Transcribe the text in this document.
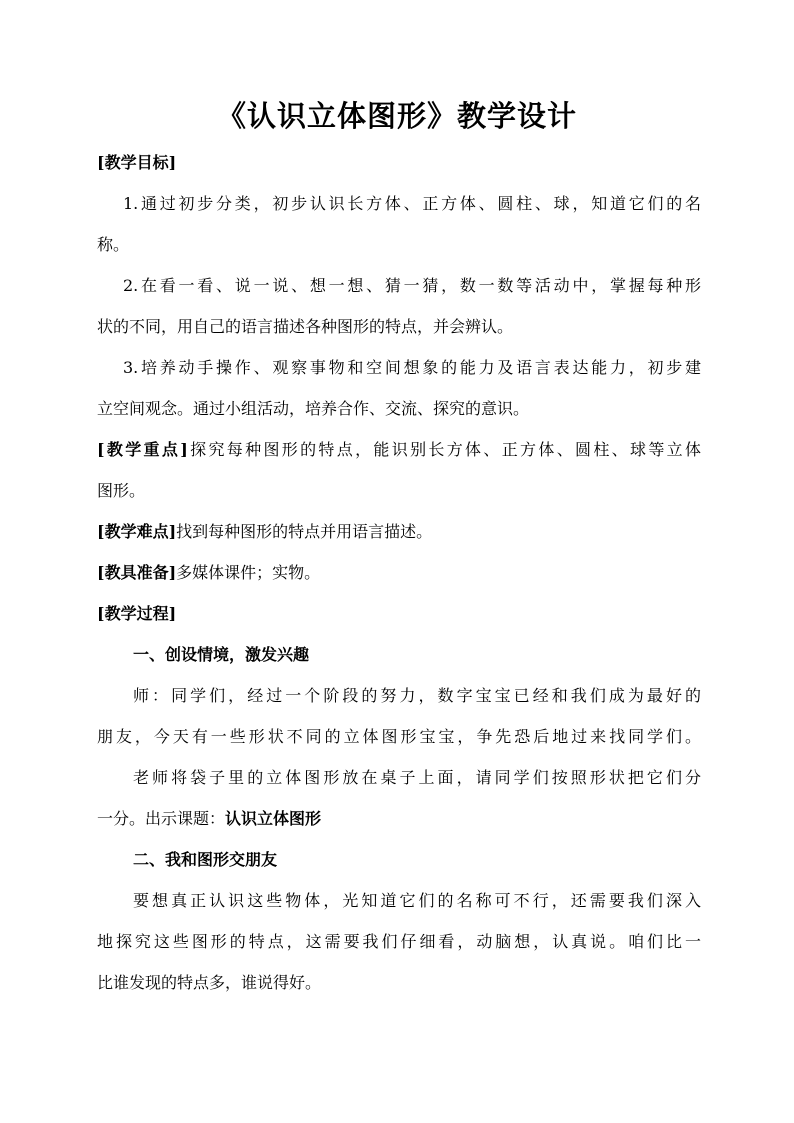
《认识立体图形》教学设计
[教学目标]
1.通过初步分类，初步认识长方体、正方体、圆柱、球，知道它们的名
称。
2.在看一看、说一说、想一想、猜一猜，数一数等活动中，掌握每种形
状的不同，用自己的语言描述各种图形的特点，并会辨认。
3.培养动手操作、观察事物和空间想象的能力及语言表达能力，初步建
立空间观念。通过小组活动，培养合作、交流、探究的意识。
[教学重点]探究每种图形的特点，能识别长方体、正方体、圆柱、球等立体
图形。
[教学难点]找到每种图形的特点并用语言描述。
[教具准备]多媒体课件；实物。
[教学过程]
一、创设情境，激发兴趣
师：同学们，经过一个阶段的努力，数字宝宝已经和我们成为最好的
朋友，今天有一些形状不同的立体图形宝宝，争先恐后地过来找同学们。
老师将袋子里的立体图形放在桌子上面，请同学们按照形状把它们分
一分。出示课题：认识立体图形
二、我和图形交朋友
要想真正认识这些物体，光知道它们的名称可不行，还需要我们深入
地探究这些图形的特点，这需要我们仔细看，动脑想，认真说。咱们比一
比谁发现的特点多，谁说得好。
